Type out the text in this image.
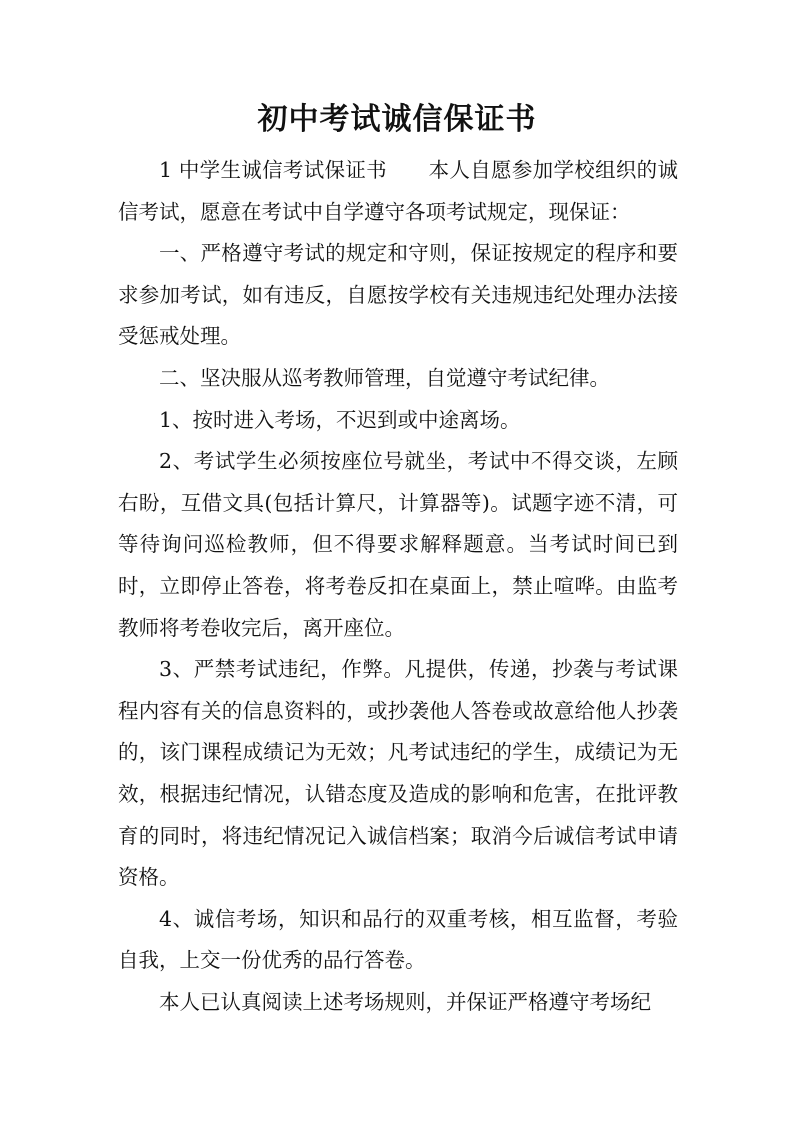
初中考试诚信保证书

1 中学生诚信考试保证书　　本人自愿参加学校组织的诚信考试，愿意在考试中自学遵守各项考试规定，现保证：

一、严格遵守考试的规定和守则，保证按规定的程序和要求参加考试，如有违反，自愿按学校有关违规违纪处理办法接受惩戒处理。

二、坚决服从巡考教师管理，自觉遵守考试纪律。

1、按时进入考场，不迟到或中途离场。

2、考试学生必须按座位号就坐，考试中不得交谈，左顾右盼，互借文具(包括计算尺，计算器等)。试题字迹不清，可等待询问巡检教师，但不得要求解释题意。当考试时间已到时，立即停止答卷，将考卷反扣在桌面上，禁止喧哗。由监考教师将考卷收完后，离开座位。

3、严禁考试违纪，作弊。凡提供，传递，抄袭与考试课程内容有关的信息资料的，或抄袭他人答卷或故意给他人抄袭的，该门课程成绩记为无效；凡考试违纪的学生，成绩记为无效，根据违纪情况，认错态度及造成的影响和危害，在批评教育的同时，将违纪情况记入诚信档案；取消今后诚信考试申请资格。

4、诚信考场，知识和品行的双重考核，相互监督，考验自我，上交一份优秀的品行答卷。

本人已认真阅读上述考场规则，并保证严格遵守考场纪
